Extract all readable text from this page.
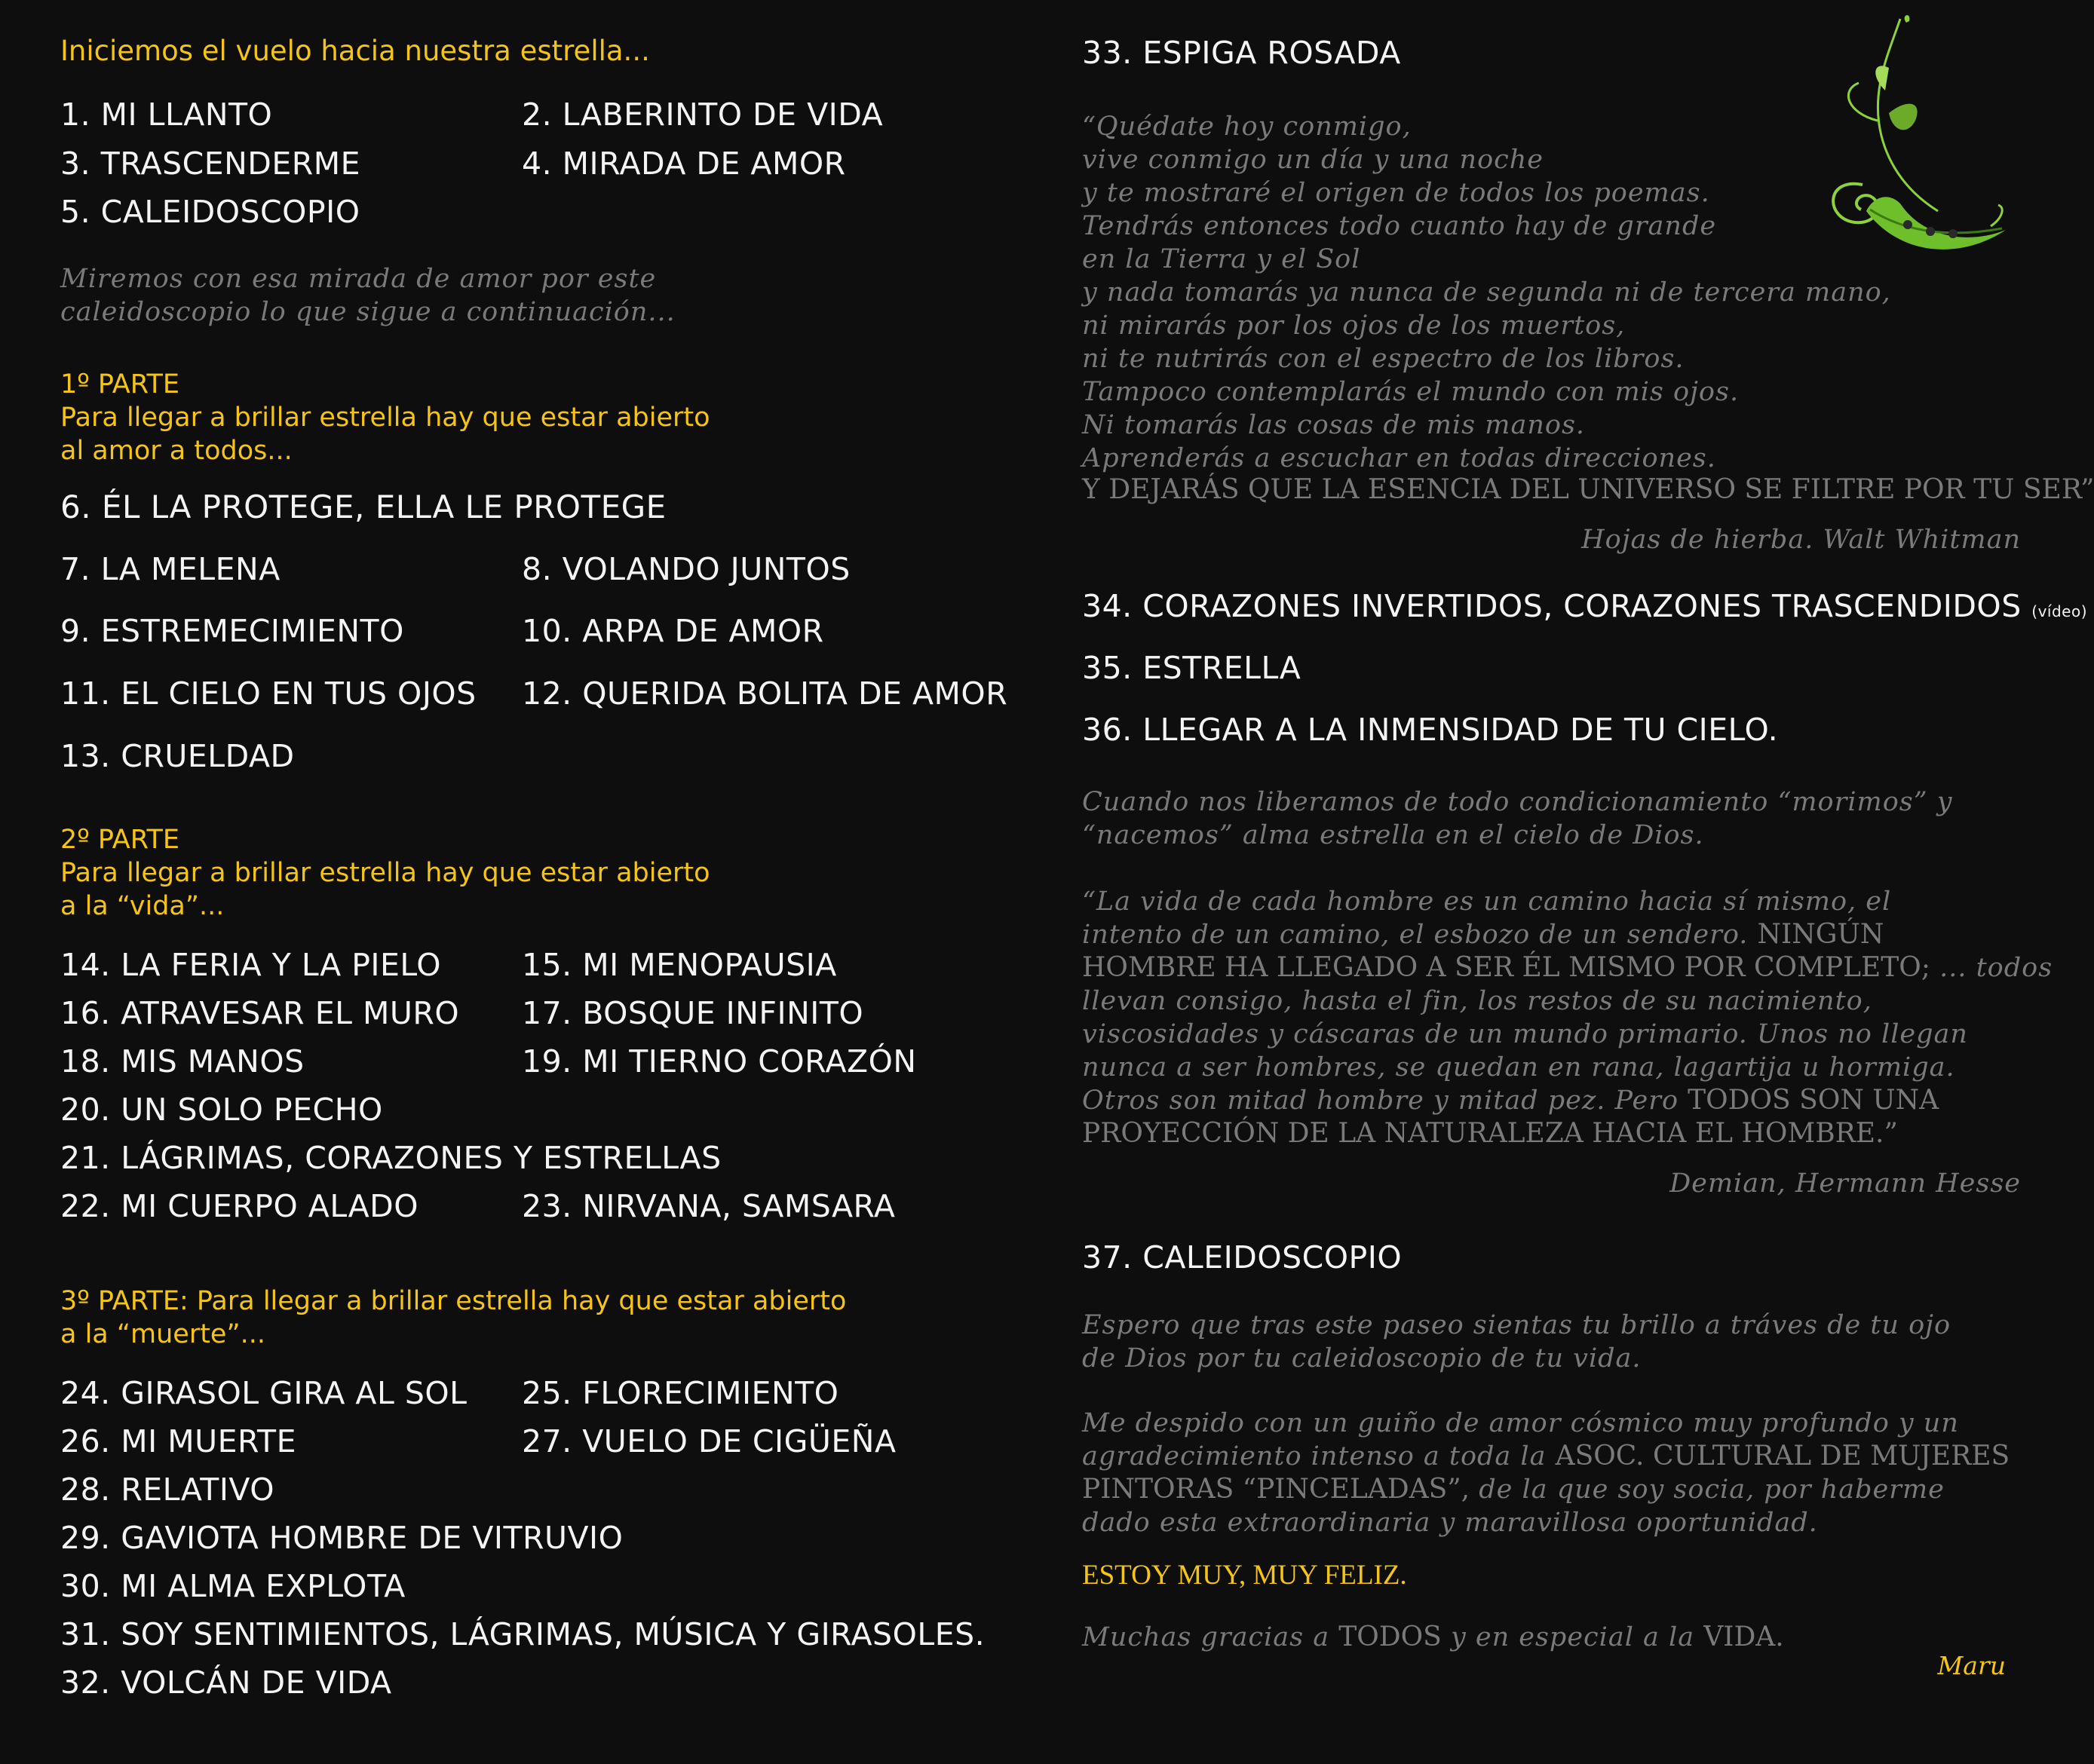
Iniciemos el vuelo hacia nuestra estrella...

1. MI LLANTO	2. LABERINTO DE VIDA

3. TRASCENDERME	4. MIRADA DE AMOR

5. CALEIDOSCOPIO

Miremos con esa mirada de amor por este

caleidoscopio lo que sigue a continuación...

1º PARTE

Para llegar a brillar estrella hay que estar abierto

al amor a todos...

6. ÉL LA PROTEGE, ELLA LE PROTEGE

7. LA MELENA	8. VOLANDO JUNTOS

9. ESTREMECIMIENTO	10. ARPA DE AMOR

11. EL CIELO EN TUS OJOS 12. QUERIDA BOLITA DE AMOR

13. CRUELDAD

2º PARTE

Para llegar a brillar estrella hay que estar abierto

a la “vida”...

14. LA FERIA Y LA PIELO	15. MI MENOPAUSIA

16. ATRAVESAR EL MURO 17. BOSQUE INFINITO

18. MIS MANOS	19. MI TIERNO CORAZÓN

20. UN SOLO PECHO

21. LÁGRIMAS, CORAZONES Y ESTRELLAS

22. MI CUERPO ALADO	23. NIRVANA, SAMSARA

3º PARTE: Para llegar a brillar estrella hay que estar abierto

a la “muerte”...

24. GIRASOL GIRA AL SOL 25. FLORECIMIENTO

26. MI MUERTE	27. VUELO DE CIGÜEÑA

28. RELATIVO

29. GAVIOTA HOMBRE DE VITRUVIO

30. MI ALMA EXPLOTA

31. SOY SENTIMIENTOS, LÁGRIMAS, MÚSICA Y GIRASOLES.

32. VOLCÁN DE VIDA

33. ESPIGA ROSADA

“Quédate hoy conmigo,

vive conmigo un día y una noche

y te mostraré el origen de todos los poemas.

Tendrás entonces todo cuanto hay de grande

en la Tierra y el Sol

y nada tomarás ya nunca de segunda ni de tercera mano,

ni mirarás por los ojos de los muertos,

ni te nutrirás con el espectro de los libros.

Tampoco contemplarás el mundo con mis ojos.

Ni tomarás las cosas de mis manos.

Aprenderás a escuchar en todas direcciones.

Y DEJARÁS QUE LA ESENCIA DEL UNIVERSO SE FILTRE POR TU SER”

Hojas de hierba. Walt Whitman

34. CORAZONES INVERTIDOS, CORAZONES TRASCENDIDOS (vídeo)

35. ESTRELLA

36. LLEGAR A LA INMENSIDAD DE TU CIELO.

Cuando nos liberamos de todo condicionamiento “morimos” y

“nacemos” alma estrella en el cielo de Dios.

“La vida de cada hombre es un camino hacia sí mismo, el

intento de un camino, el esbozo de un sendero. NINGÚN

HOMBRE HA LLEGADO A SER ÉL MISMO POR COMPLETO; ... todos

llevan consigo, hasta el fin, los restos de su nacimiento,

viscosidades y cáscaras de un mundo primario. Unos no llegan

nunca a ser hombres, se quedan en rana, lagartija u hormiga.

Otros son mitad hombre y mitad pez. Pero TODOS SON UNA

PROYECCIÓN DE LA NATURALEZA HACIA EL HOMBRE.”

Demian, Hermann Hesse

37. CALEIDOSCOPIO

Espero que tras este paseo sientas tu brillo a tráves de tu ojo

de Dios por tu caleidoscopio de tu vida.

Me despido con un guiño de amor cósmico muy profundo y un

agradecimiento intenso a toda la ASOC. CULTURAL DE MUJERES

PINTORAS “PINCELADAS”, de la que soy socia, por haberme

dado esta extraordinaria y maravillosa oportunidad.

ESTOY MUY, MUY FELIZ.

Muchas gracias a TODOS y en especial a la VIDA.

Maru
